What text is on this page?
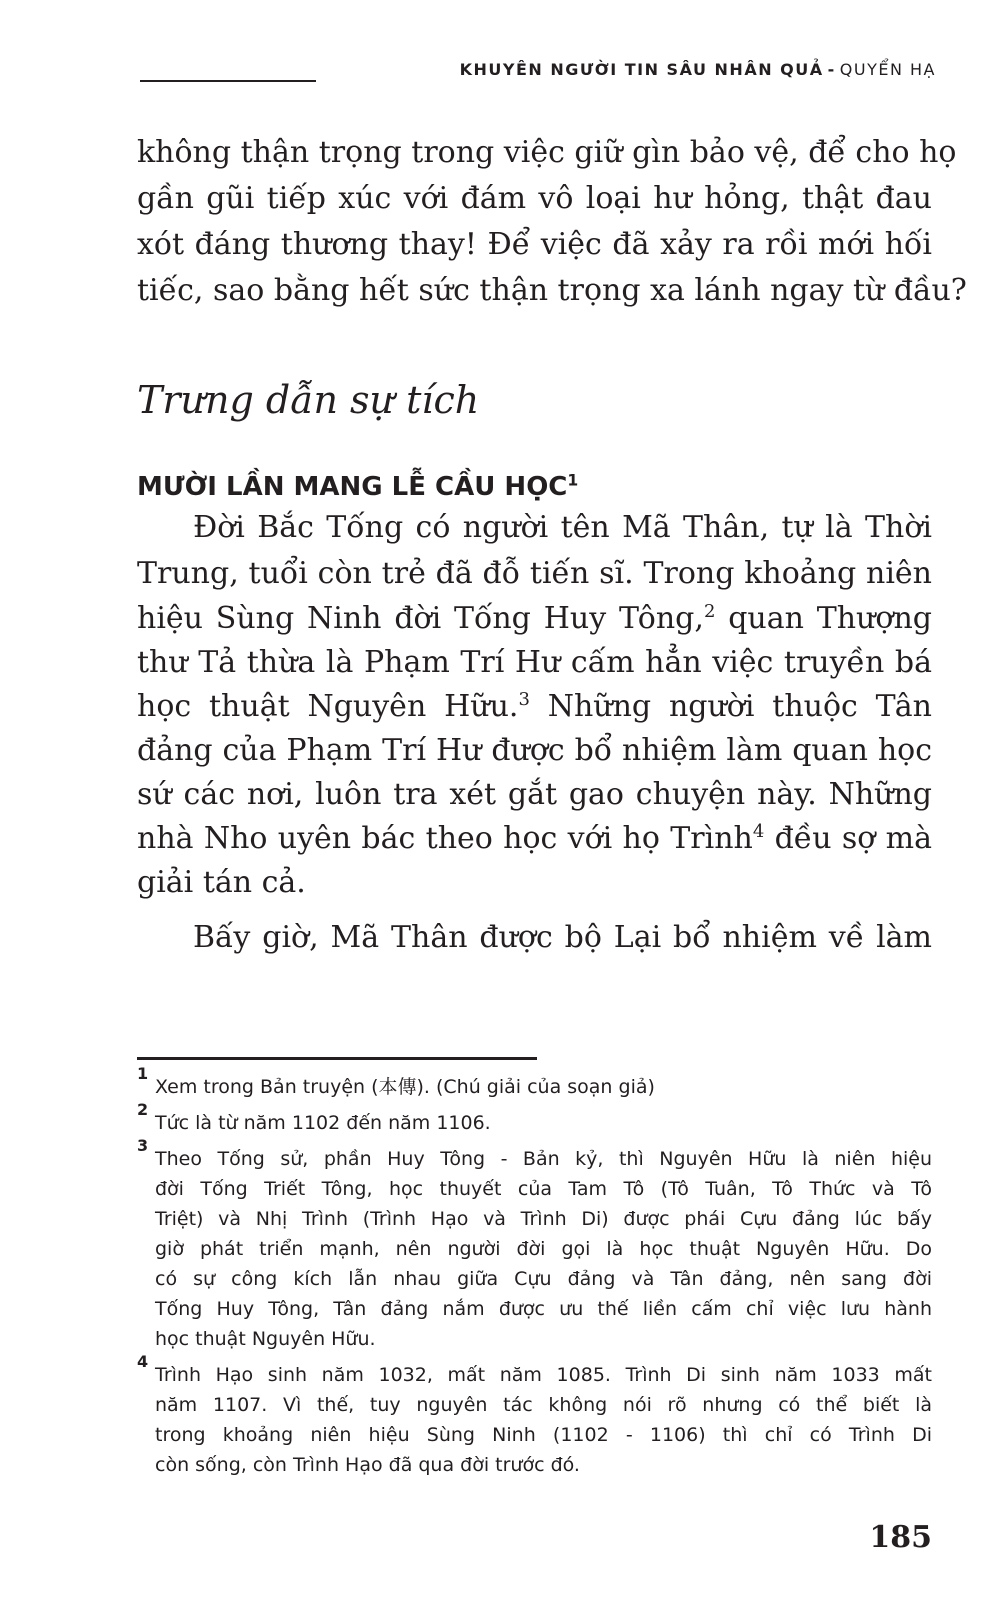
KHUYÊN NGƯỜI TIN SÂU NHÂN QUẢ - QUYỂN HẠ
không thận trọng trong việc giữ gìn bảo vệ, để cho họ
gần gũi tiếp xúc với đám vô loại hư hỏng, thật đau
xót đáng thương thay! Để việc đã xảy ra rồi mới hối
tiếc, sao bằng hết sức thận trọng xa lánh ngay từ đầu?
Trưng dẫn sự tích
MƯỜI LẦN MANG LỄ CẦU HỌC$^1$
Đời Bắc Tống có người tên Mã Thân, tự là Thời
Trung, tuổi còn trẻ đã đỗ tiến sĩ. Trong khoảng niên
hiệu Sùng Ninh đời Tống Huy Tông,$^2$ quan Thượng
thư Tả thừa là Phạm Trí Hư cấm hẳn việc truyền bá
học thuật Nguyên Hữu.$^3$ Những người thuộc Tân
đảng của Phạm Trí Hư được bổ nhiệm làm quan học
sứ các nơi, luôn tra xét gắt gao chuyện này. Những
nhà Nho uyên bác theo học với họ Trình$^4$ đều sợ mà
giải tán cả.
Bấy giờ, Mã Thân được bộ Lại bổ nhiệm về làm
1
Xem trong Bản truyện (本傳). (Chú giải của soạn giả)
2
Tức là từ năm 1102 đến năm 1106.
3
Theo Tống sử, phần Huy Tông - Bản kỷ, thì Nguyên Hữu là niên hiệu
đời Tống Triết Tông, học thuyết của Tam Tô (Tô Tuân, Tô Thức và Tô
Triệt) và Nhị Trình (Trình Hạo và Trình Di) được phái Cựu đảng lúc bấy
giờ phát triển mạnh, nên người đời gọi là học thuật Nguyên Hữu. Do
có sự công kích lẫn nhau giữa Cựu đảng và Tân đảng, nên sang đời
Tống Huy Tông, Tân đảng nắm được ưu thế liền cấm chỉ việc lưu hành
học thuật Nguyên Hữu.
4
Trình Hạo sinh năm 1032, mất năm 1085. Trình Di sinh năm 1033 mất
năm 1107. Vì thế, tuy nguyên tác không nói rõ nhưng có thể biết là
trong khoảng niên hiệu Sùng Ninh (1102 - 1106) thì chỉ có Trình Di
còn sống, còn Trình Hạo đã qua đời trước đó.
185
